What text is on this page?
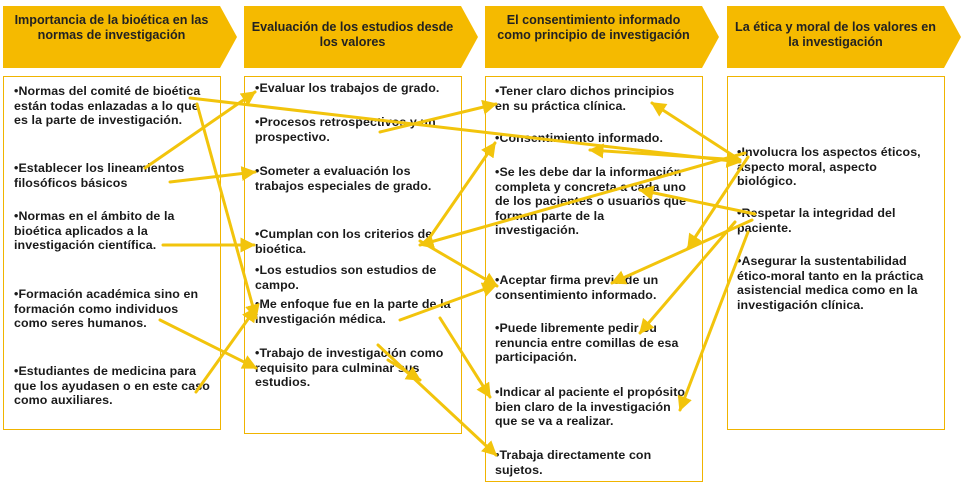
Importancia de la bioética en las normas de investigación
Evaluación de los estudios desde los valores
El consentimiento informado como principio de investigación
La ética y moral de los valores en la investigación
•Normas del comité de bioética están todas enlazadas a lo que es la parte de investigación.
•Establecer los lineamientos filosóficos básicos
•Normas en el ámbito de la bioética aplicados a la investigación científica.
•Formación académica sino en formación como individuos como seres humanos.
•Estudiantes de medicina para que los ayudasen o en este caso como auxiliares.
•Evaluar los trabajos de grado.
•Procesos retrospectivos y un prospectivo.
•Someter a evaluación los trabajos especiales de grado.
•Cumplan con los criterios de bioética.
•Los estudios son estudios de campo.
•Me enfoque fue en la parte de la investigación médica.
•Trabajo de investigación como requisito para culminar sus estudios.
•Tener claro dichos principios en su práctica clínica.
•Consentimiento informado.
•Se les debe dar la información completa y concreta a cada uno de los pacientes o usuarios que forman parte de la investigación.
•Aceptar firma previa de un consentimiento informado.
•Puede libremente pedir su renuncia entre comillas de esa participación.
•Indicar al paciente el propósito bien claro de la investigación que se va a realizar.
•Trabaja directamente con sujetos.
•Involucra los aspectos éticos, aspecto moral, aspecto biológico.
•Respetar la integridad del paciente.
•Asegurar la sustentabilidad ético-moral tanto en la práctica asistencial medica como en la investigación clínica.
